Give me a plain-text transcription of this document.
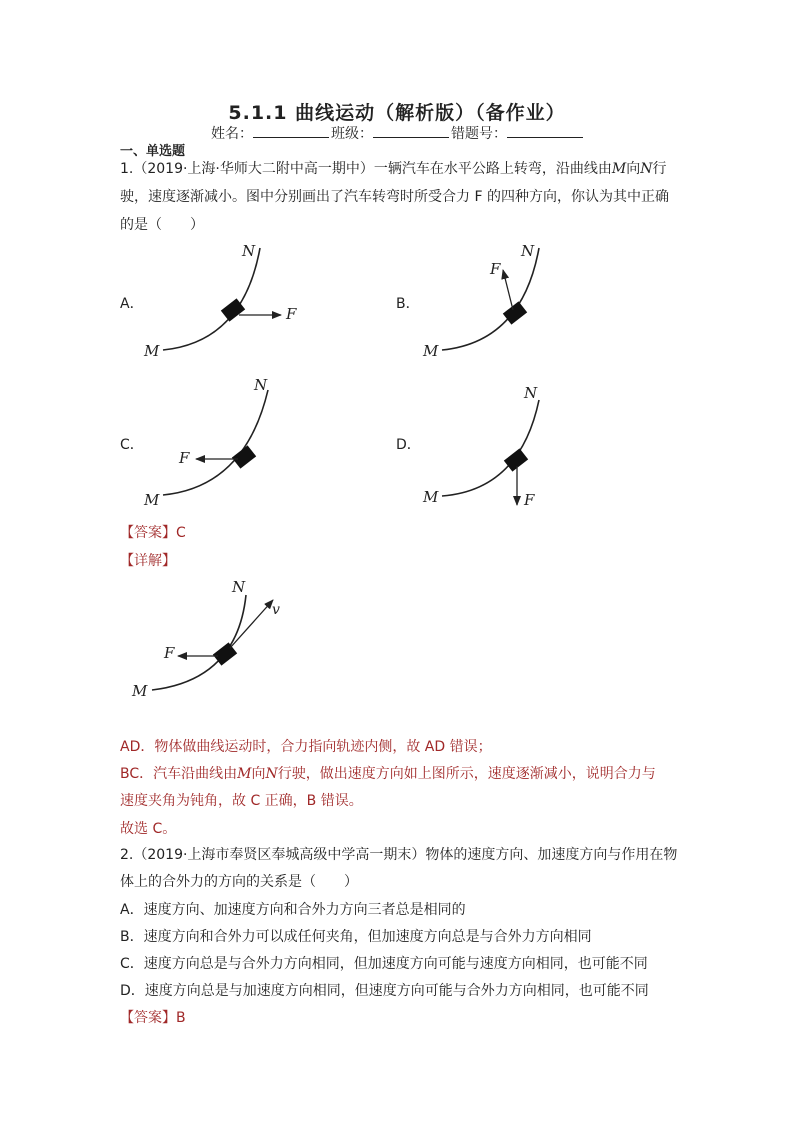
5.1.1 曲线运动（解析版）（备作业）
姓名：	班级：	错题号：
一、单选题
1.（2019·上海·华师大二附中高一期中）一辆汽车在水平公路上转弯，沿曲线由M向N行
驶，速度逐渐减小。图中分别画出了汽车转弯时所受合力 F 的四种方向，你认为其中正确
的是（　　）
A．	B．
C．	D．
N
M
F
N
M
F
N
M
F
N
M	F
N
M
F
v
【答案】C
【详解】
AD．物体做曲线运动时，合力指向轨迹内侧，故 AD 错误；
BC．汽车沿曲线由M向N行驶，做出速度方向如上图所示，速度逐渐减小，说明合力与
速度夹角为钝角，故 C 正确，B 错误。
故选 C。
2.（2019·上海市奉贤区奉城高级中学高一期末）物体的速度方向、加速度方向与作用在物
体上的合外力的方向的关系是（　　）
A．速度方向、加速度方向和合外力方向三者总是相同的
B．速度方向和合外力可以成任何夹角，但加速度方向总是与合外力方向相同
C．速度方向总是与合外力方向相同，但加速度方向可能与速度方向相同，也可能不同
D．速度方向总是与加速度方向相同，但速度方向可能与合外力方向相同，也可能不同
【答案】B
